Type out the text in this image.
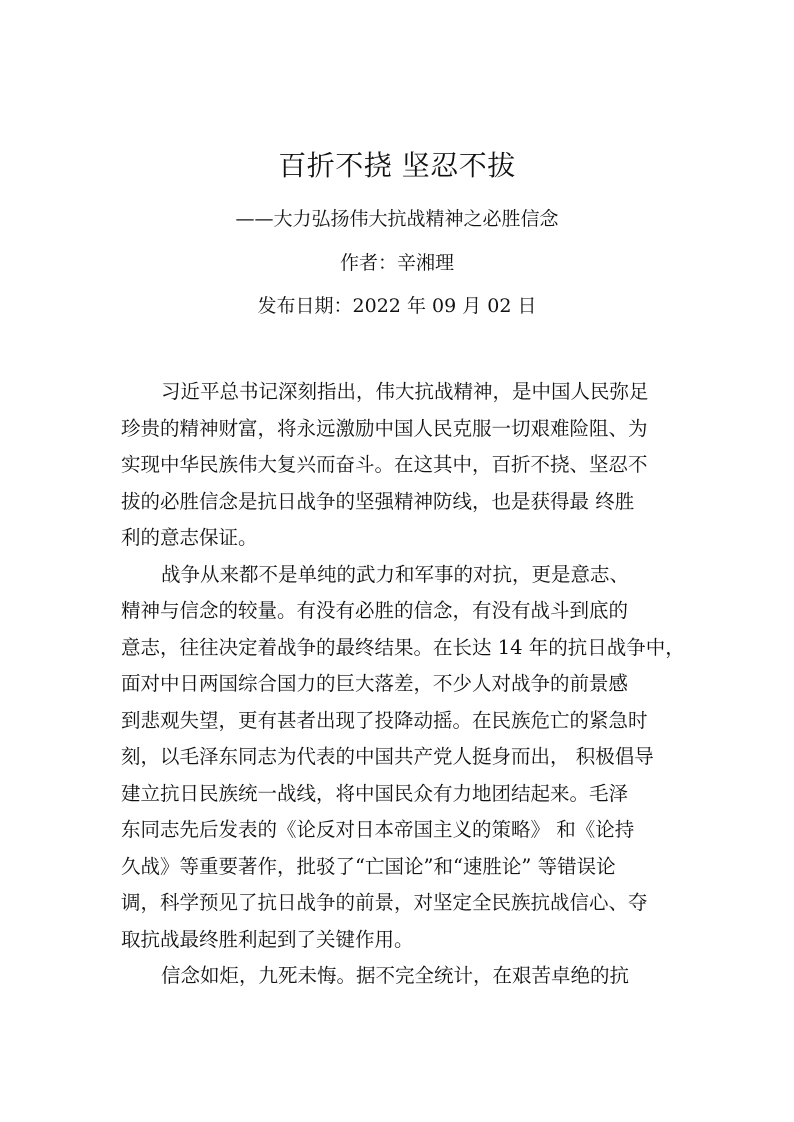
百折不挠 坚忍不拔
——大力弘扬伟大抗战精神之必胜信念
作者：辛湘理
发布日期：2022 年 09 月 02 日
习近平总书记深刻指出，伟大抗战精神，是中国人民弥足
珍贵的精神财富，将永远激励中国人民克服一切艰难险阻、为
实现中华民族伟大复兴而奋斗。在这其中，百折不挠、坚忍不
拔的必胜信念是抗日战争的坚强精神防线，也是获得最 终胜
利的意志保证。
战争从来都不是单纯的武力和军事的对抗，更是意志、
精神与信念的较量。有没有必胜的信念，有没有战斗到底的
意志，往往决定着战争的最终结果。在长达 14 年的抗日战争中，
面对中日两国综合国力的巨大落差，不少人对战争的前景感
到悲观失望，更有甚者出现了投降动摇。在民族危亡的紧急时
刻，以毛泽东同志为代表的中国共产党人挺身而出， 积极倡导
建立抗日民族统一战线，将中国民众有力地团结起来。毛泽
东同志先后发表的《论反对日本帝国主义的策略》 和《论持
久战》等重要著作，批驳了“亡国论”和“速胜论” 等错误论
调，科学预见了抗日战争的前景，对坚定全民族抗战信心、夺
取抗战最终胜利起到了关键作用。
信念如炬，九死未悔。据不完全统计，在艰苦卓绝的抗
